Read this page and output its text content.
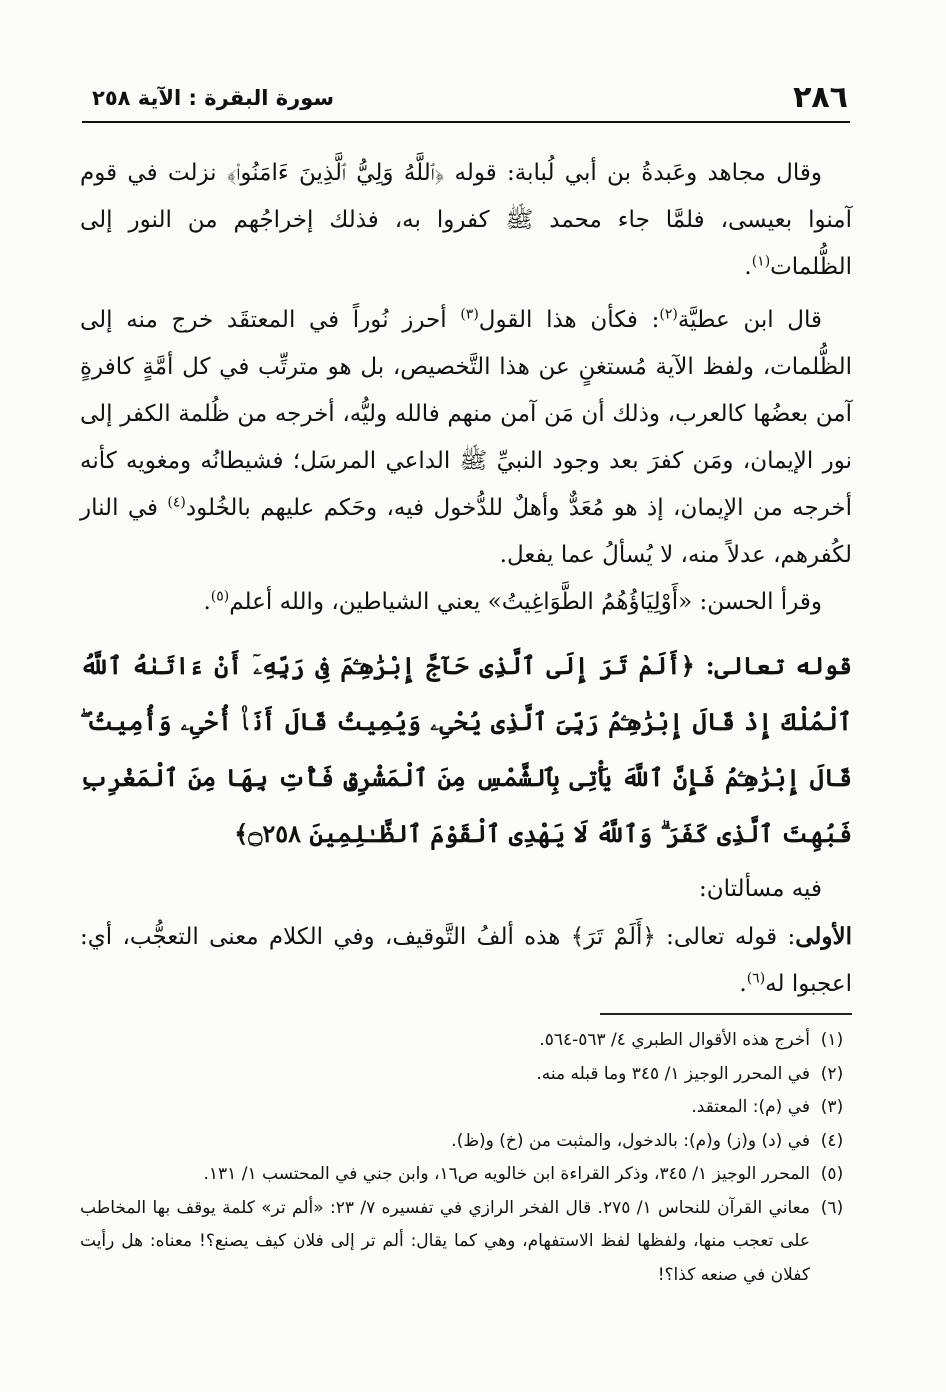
٢٨٦
سورة البقرة : الآية ٢٥٨

وقال مجاهد وعَبدةُ بن أبي لُبابة: قوله ﴿ٱللَّهُ وَلِيُّ ٱلَّذِينَ ءَامَنُوا۟﴾ نزلت في قوم آمنوا بعيسى، فلمَّا جاء محمد ﷺ كفروا به، فذلك إخراجُهم من النور إلى الظُّلمات$^{(١)}$.

قال ابن عطيَّة$^{(٢)}$: فكأن هذا القول$^{(٣)}$ أحرز نُوراً في المعتقَد خرج منه إلى الظُّلمات، ولفظ الآية مُستغنٍ عن هذا التَّخصيص، بل هو مترتِّب في كل أمَّةٍ كافرةٍ آمن بعضُها كالعرب، وذلك أن مَن آمن منهم فالله وليُّه، أخرجه من ظُلمة الكفر إلى نور الإيمان، ومَن كفرَ بعد وجود النبيِّ ﷺ الداعي المرسَل؛ فشيطانُه ومغويه كأنه أخرجه من الإيمان، إذ هو مُعَدٌّ وأهلٌ للدُّخول فيه، وحَكم عليهم بالخُلود$^{(٤)}$ في النار لكُفرهم، عدلاً منه، لا يُسألُ عما يفعل.

وقرأ الحسن: «أَوْلِيَاؤُهُمُ الطَّوَاغِيتُ» يعني الشياطين، والله أعلم$^{(٥)}$.

قوله تعالى: ﴿أَلَمْ تَرَ إِلَى ٱلَّذِى حَآجَّ إِبْرَٰهِـۧمَ فِى رَبِّهِۦٓ أَنْ ءَاتَىٰهُ ٱللَّهُ ٱلْمُلْكَ إِذْ قَالَ إِبْرَٰهِـۧمُ رَبِّىَ ٱلَّذِى يُحْىِۦ وَيُمِيتُ قَالَ أَنَا۠ أُحْىِۦ وَأُمِيتُ ۖ قَالَ إِبْرَٰهِـۧمُ فَإِنَّ ٱللَّهَ يَأْتِى بِٱلشَّمْسِ مِنَ ٱلْمَشْرِقِ فَأْتِ بِهَا مِنَ ٱلْمَغْرِبِ فَبُهِتَ ٱلَّذِى كَفَرَ ۗ وَٱللَّهُ لَا يَهْدِى ٱلْقَوْمَ ٱلظَّـٰلِمِينَ ۝٢٥٨﴾

فيه مسألتان:

الأولى: قوله تعالى: ﴿أَلَمْ تَرَ﴾ هذه ألفُ التَّوقيف، وفي الكلام معنى التعجُّب، أي: اعجبوا له$^{(٦)}$.

(١)
أخرج هذه الأقوال الطبري ٤/ ٥٦٣-٥٦٤.

(٢)
في المحرر الوجيز ١/ ٣٤٥ وما قبله منه.

(٣)
في (م): المعتقد.

(٤)
في (د) و(ز) و(م): بالدخول، والمثبت من (خ) و(ظ).

(٥)
المحرر الوجيز ١/ ٣٤٥، وذكر القراءة ابن خالويه ص١٦، وابن جني في المحتسب ١/ ١٣١.

(٦)
معاني القرآن للنحاس ١/ ٢٧٥. قال الفخر الرازي في تفسيره ٧/ ٢٣: «ألم تر» كلمة يوقف بها المخاطب على تعجب منها، ولفظها لفظ الاستفهام، وهي كما يقال: ألم تر إلى فلان كيف يصنع؟! معناه: هل رأيت كفلان في صنعه كذا؟!
